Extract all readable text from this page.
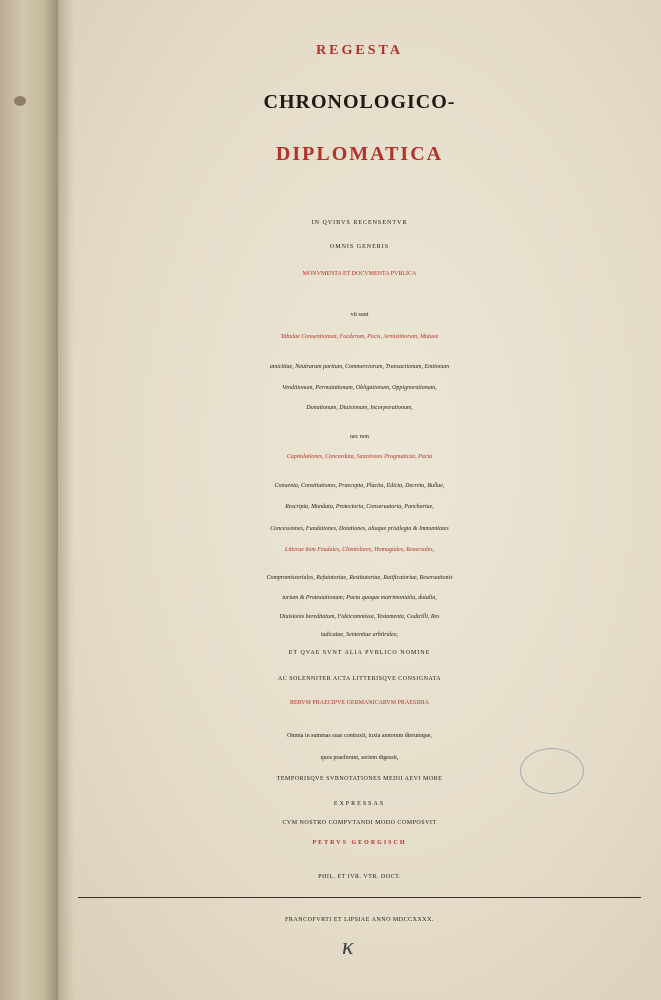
REGESTA
CHRONOLOGICO-
DIPLOMATICA
IN QVIBVS RECENSENTVR
OMNIS GENERIS
MONVMENTA ET DOCVMENTA PVBLICA
vti sunt
Tabulae Conuentionum, Foederum, Pacis, Armistitiorum, Mutuae
amicitiae, Neutrarum partium, Commerciorum, Transactionum, Emtionum
Venditionum, Permutationum, Obligationum, Oppignorationum,
Donationum, Diuisionum, Incorporationum,
nec non
Capitulationes, Concordata, Sanctiones Pragmaticae, Pacta
Conuenta, Constitutiones, Praecepta, Placita, Edicta, Decreta, Bullae,
Rescripta, Mandata, Protectoria, Conseruatoria, Panchartae,
Concessiones, Fundationes, Dotationes, aliaque priuilegia & Immunitates
Litterae item Feudales, Clientelares, Homagiales, Reuersales,
Compromissoriales, Refutatoriae, Restitutoriae, Ratificatoriae, Reseruationis
iurium & Protestationum; Pacta quoque matrimonialia, dotalia,
Diuisionis hereditatum, Fideicommissa, Testamenta, Codicilli, Res
iudicatae, Sententiae arbitrales;
ET QVAE SVNT ALIA PVBLICO NOMINE
AC SOLENNITER ACTA LITTERISQVE CONSIGNATA
RERVM PRAECIPVE GERMANICARVM PRAESIDIA
Omnia in summas suas contraxit, iuxta annorum dierumque,
quos praeferunt, seriem digessit,
TEMPORISQVE SVBNOTATIONES MEDII AEVI MORE
EXPRESSAS
CVM NOSTRO COMPVTANDI MODO COMPOSVIT
PETRVS GEORGISCH
PHIL. ET IVR. VTR. DOCT.
FRANCOFVRTI ET LIPSIAE ANNO MDCCXXXX.
κ
